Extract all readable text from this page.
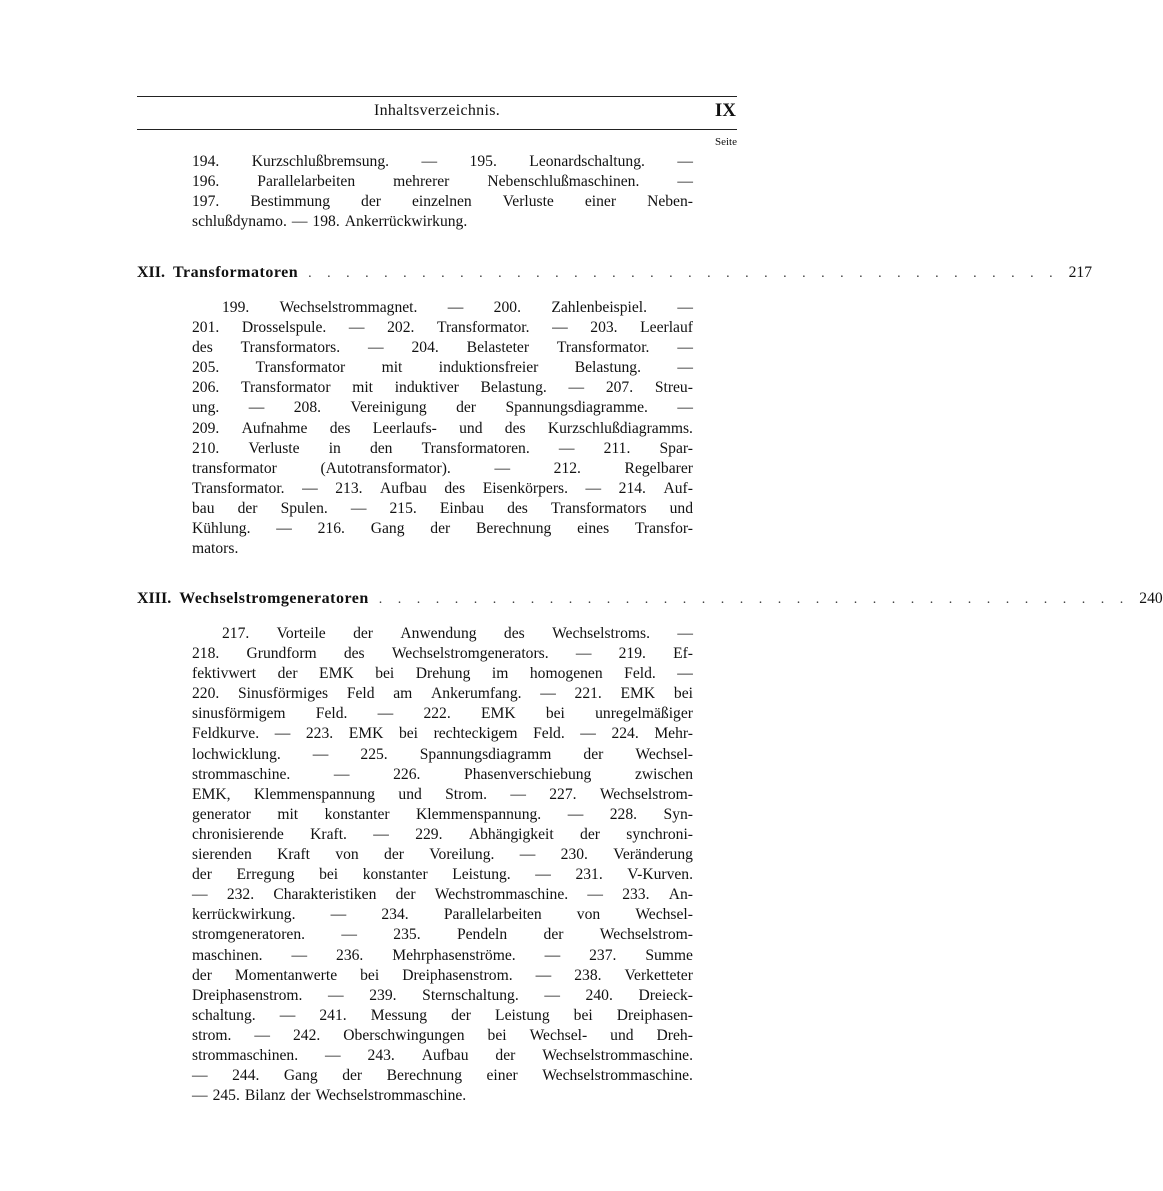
Inhaltsverzeichnis.	IX
Seite
194. Kurzschlußbremsung. — 195. Leonardschaltung. —
196. Parallelarbeiten mehrerer Nebenschlußmaschinen. —
197. Bestimmung der einzelnen Verluste einer Neben-
schlußdynamo. — 198. Ankerrückwirkung.
XII. Transformatoren . . . . . . . . . . . . . . . . . . . . . . . . . . . . . . . . . . . . . . . . 217
199. Wechselstrommagnet. — 200. Zahlenbeispiel. —
201. Drosselspule. — 202. Transformator. — 203. Leerlauf
des Transformators. — 204. Belasteter Transformator. —
205. Transformator mit induktionsfreier Belastung. —
206. Transformator mit induktiver Belastung. — 207. Streu-
ung. — 208. Vereinigung der Spannungsdiagramme. —
209. Aufnahme des Leerlaufs- und des Kurzschlußdiagramms.
210. Verluste in den Transformatoren. — 211. Spar-
transformator	(Autotransformator).	—	212.	Regelbarer
Transformator. — 213. Aufbau des Eisenkörpers. — 214. Auf-
bau der Spulen. — 215. Einbau des Transformators und
Kühlung. — 216. Gang der Berechnung eines Transfor-
mators.
XIII. Wechselstromgeneratoren . . . . . . . . . . . . . . . . . . . . . . . . . . . . . . . . . . . . . . . . 240
217. Vorteile der Anwendung des Wechselstroms. —
218. Grundform des Wechselstromgenerators. — 219. Ef-
fektivwert der EMK bei Drehung im homogenen Feld. —
220. Sinusförmiges Feld am Ankerumfang. — 221. EMK bei
sinusförmigem Feld. — 222. EMK bei unregelmäßiger
Feldkurve. — 223. EMK bei rechteckigem Feld. — 224. Mehr-
lochwicklung. — 225. Spannungsdiagramm der Wechsel-
strommaschine.	—	226.	Phasenverschiebung	zwischen
EMK, Klemmenspannung und Strom. — 227. Wechselstrom-
generator mit konstanter Klemmenspannung. — 228. Syn-
chronisierende Kraft. — 229. Abhängigkeit der synchroni-
sierenden Kraft von der Voreilung. — 230. Veränderung
der Erregung bei konstanter Leistung. — 231. V-Kurven.
— 232. Charakteristiken der Wechstrommaschine. — 233. An-
kerrückwirkung. — 234. Parallelarbeiten von Wechsel-
stromgeneratoren. — 235. Pendeln der Wechselstrom-
maschinen. — 236. Mehrphasenströme. — 237. Summe
der Momentanwerte bei Dreiphasenstrom. — 238. Verketteter
Dreiphasenstrom. — 239. Sternschaltung. — 240. Dreieck-
schaltung. — 241. Messung der Leistung bei Dreiphasen-
strom. — 242. Oberschwingungen bei Wechsel- und Dreh-
strommaschinen. — 243. Aufbau der Wechselstrommaschine.
— 244. Gang der Berechnung einer Wechselstrommaschine.
— 245. Bilanz der Wechselstrommaschine.
